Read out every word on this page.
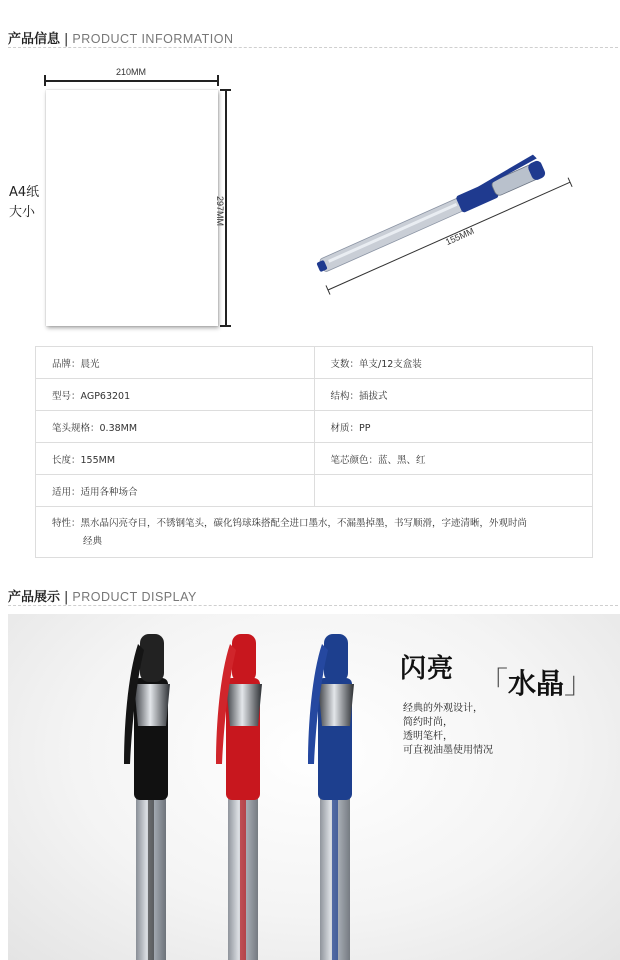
产品信息 | PRODUCT INFORMATION
210MM
297MM
A4纸
大小
155MM
品牌：晨光	支数：单支/12支盒装
型号：AGP63201	结构：插拔式
笔头规格：0.38MM	材质：PP
长度：155MM	笔芯颜色：蓝、黑、红
适用：适用各种场合
特性：黑水晶闪亮夺目，不锈钢笔头，碳化钨球珠搭配全进口墨水，不漏墨掉墨，书写顺滑，字迹清晰，外观时尚
经典
产品展示 | PRODUCT DISPLAY
闪亮 「水晶」
经典的外观设计，
简约时尚，
透明笔杆，
可直视油墨使用情况
